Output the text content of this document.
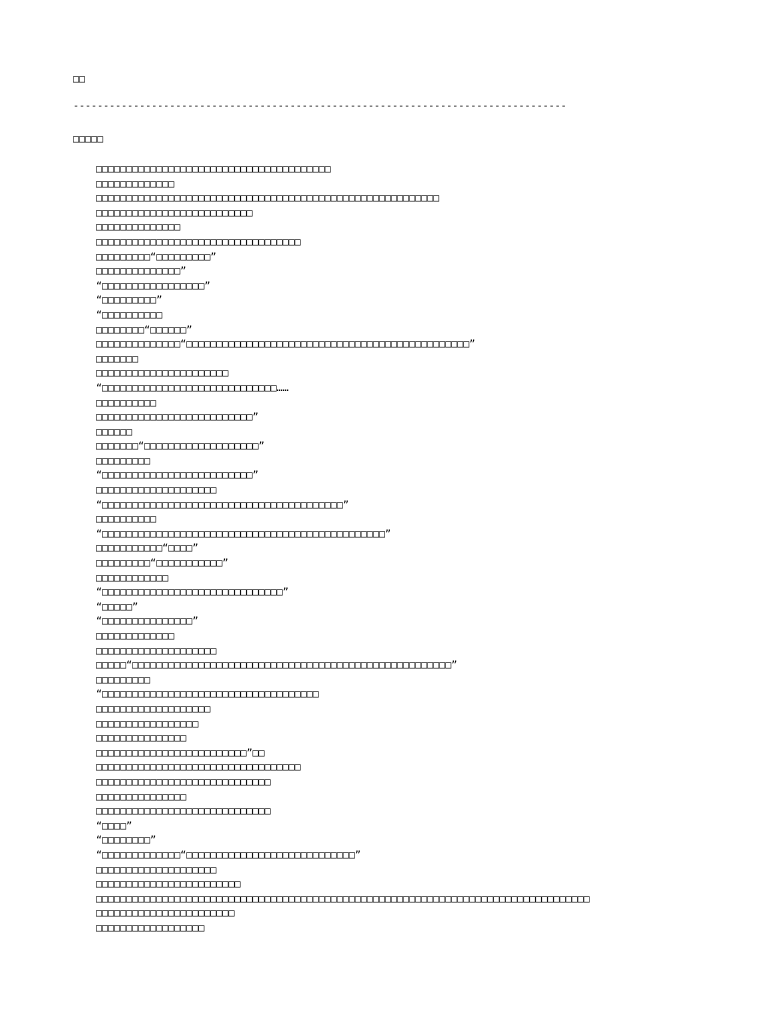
□□
----------------------------------------------------------------------------------
□□□□□
□□□□□□□□□□□□□□□□□□□□□□□□□□□□□□□□□□□□□□□
□□□□□□□□□□□□□
□□□□□□□□□□□□□□□□□□□□□□□□□□□□□□□□□□□□□□□□□□□□□□□□□□□□□□□□□
□□□□□□□□□□□□□□□□□□□□□□□□□□
□□□□□□□□□□□□□□
□□□□□□□□□□□□□□□□□□□□□□□□□□□□□□□□□□
□□□□□□□□□“□□□□□□□□□”
□□□□□□□□□□□□□□”
“□□□□□□□□□□□□□□□□□”
“□□□□□□□□□”
“□□□□□□□□□□
□□□□□□□□“□□□□□□”
□□□□□□□□□□□□□□“□□□□□□□□□□□□□□□□□□□□□□□□□□□□□□□□□□□□□□□□□□□□□□□”
□□□□□□□
□□□□□□□□□□□□□□□□□□□□□□
“□□□□□□□□□□□□□□□□□□□□□□□□□□□□□……
□□□□□□□□□□
□□□□□□□□□□□□□□□□□□□□□□□□□□”
□□□□□□
□□□□□□□“□□□□□□□□□□□□□□□□□□□”
□□□□□□□□□
“□□□□□□□□□□□□□□□□□□□□□□□□□”
□□□□□□□□□□□□□□□□□□□□
“□□□□□□□□□□□□□□□□□□□□□□□□□□□□□□□□□□□□□□□□”
□□□□□□□□□□
“□□□□□□□□□□□□□□□□□□□□□□□□□□□□□□□□□□□□□□□□□□□□□□□”
□□□□□□□□□□□“□□□□”
□□□□□□□□□“□□□□□□□□□□□”
□□□□□□□□□□□□
“□□□□□□□□□□□□□□□□□□□□□□□□□□□□□□”
“□□□□□”
“□□□□□□□□□□□□□□□”
□□□□□□□□□□□□□
□□□□□□□□□□□□□□□□□□□□
□□□□□“□□□□□□□□□□□□□□□□□□□□□□□□□□□□□□□□□□□□□□□□□□□□□□□□□□□□□”
□□□□□□□□□
“□□□□□□□□□□□□□□□□□□□□□□□□□□□□□□□□□□□□
□□□□□□□□□□□□□□□□□□□
□□□□□□□□□□□□□□□□□
□□□□□□□□□□□□□□□
□□□□□□□□□□□□□□□□□□□□□□□□□”□□
□□□□□□□□□□□□□□□□□□□□□□□□□□□□□□□□□□
□□□□□□□□□□□□□□□□□□□□□□□□□□□□□
□□□□□□□□□□□□□□□
□□□□□□□□□□□□□□□□□□□□□□□□□□□□□
“□□□□”
“□□□□□□□□”
“□□□□□□□□□□□□□“□□□□□□□□□□□□□□□□□□□□□□□□□□□□”
□□□□□□□□□□□□□□□□□□□□
□□□□□□□□□□□□□□□□□□□□□□□□
□□□□□□□□□□□□□□□□□□□□□□□□□□□□□□□□□□□□□□□□□□□□□□□□□□□□□□□□□□□□□□□□□□□□□□□□□□□□□□□□□□
□□□□□□□□□□□□□□□□□□□□□□□
□□□□□□□□□□□□□□□□□□
